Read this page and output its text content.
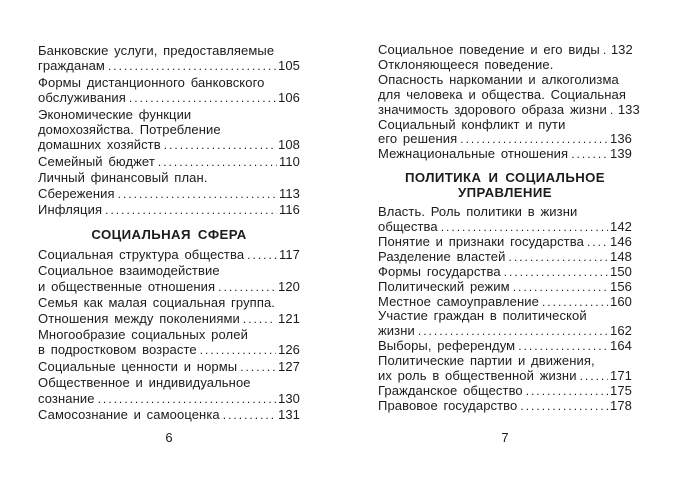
Банковские услуги, предоставляемые
гражданам .....	105
Формы дистанционного банковского
обслуживания .....	106
Экономические функции
домохозяйства. Потребление
домашних хозяйств .....	108
Семейный бюджет .....	110
Личный финансовый план.
Сбережения .....	113
Инфляция .....	116
СОЦИАЛЬНАЯ СФЕРА
Социальная структура общества .....	117
Социальное взаимодействие
и общественные отношения .....	120
Семья как малая социальная группа.
Отношения между поколениями .....	121
Многообразие социальных ролей
в подростковом возрасте .....	126
Социальные ценности и нормы .....	127
Общественное и индивидуальное
сознание .....	130
Самосознание и самооценка .....	131
Социальное поведение и его виды ..... 132
Отклоняющееся поведение.
Опасность наркомании и алкоголизма
для человека и общества. Социальная
значимость здорового образа жизни ..... 133
Социальный конфликт и пути
его решения .....	136
Межнациональные отношения .....	139
ПОЛИТИКА И СОЦИАЛЬНОЕ УПРАВЛЕНИЕ
Власть. Роль политики в жизни
общества .....	142
Понятие и признаки государства ..... 146
Разделение властей .....	148
Формы государства .....	150
Политический режим .....	156
Местное самоуправление .....	160
Участие граждан в политической
жизни .....	162
Выборы, референдум .....	164
Политические партии и движения,
их роль в общественной жизни .....	171
Гражданское общество .....	175
Правовое государство .....	178
6	7
